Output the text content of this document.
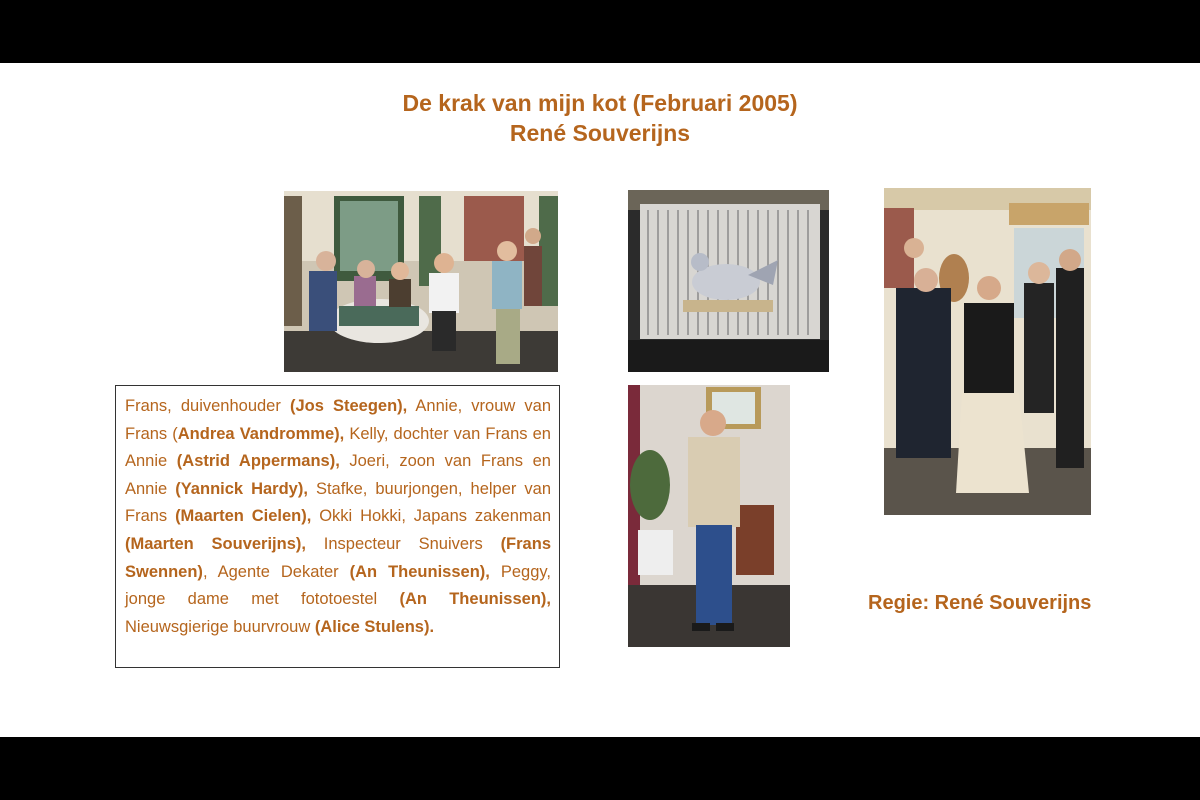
De krak van mijn kot (Februari 2005)
René Souverijns
Frans, duivenhouder (Jos Steegen), Annie, vrouw van Frans (Andrea Vandromme), Kelly, dochter van Frans en Annie (Astrid Appermans), Joeri, zoon van Frans en Annie (Yannick Hardy), Stafke, buurjongen, helper van Frans (Maarten Cielen), Okki Hokki, Japans zakenman (Maarten Souverijns), Inspecteur Snuivers (Frans Swennen), Agente Dekater (An Theunissen), Peggy, jonge dame met fototoestel (An Theunissen), Nieuwsgierige buurvrouw (Alice Stulens).
Regie: René Souverijns
